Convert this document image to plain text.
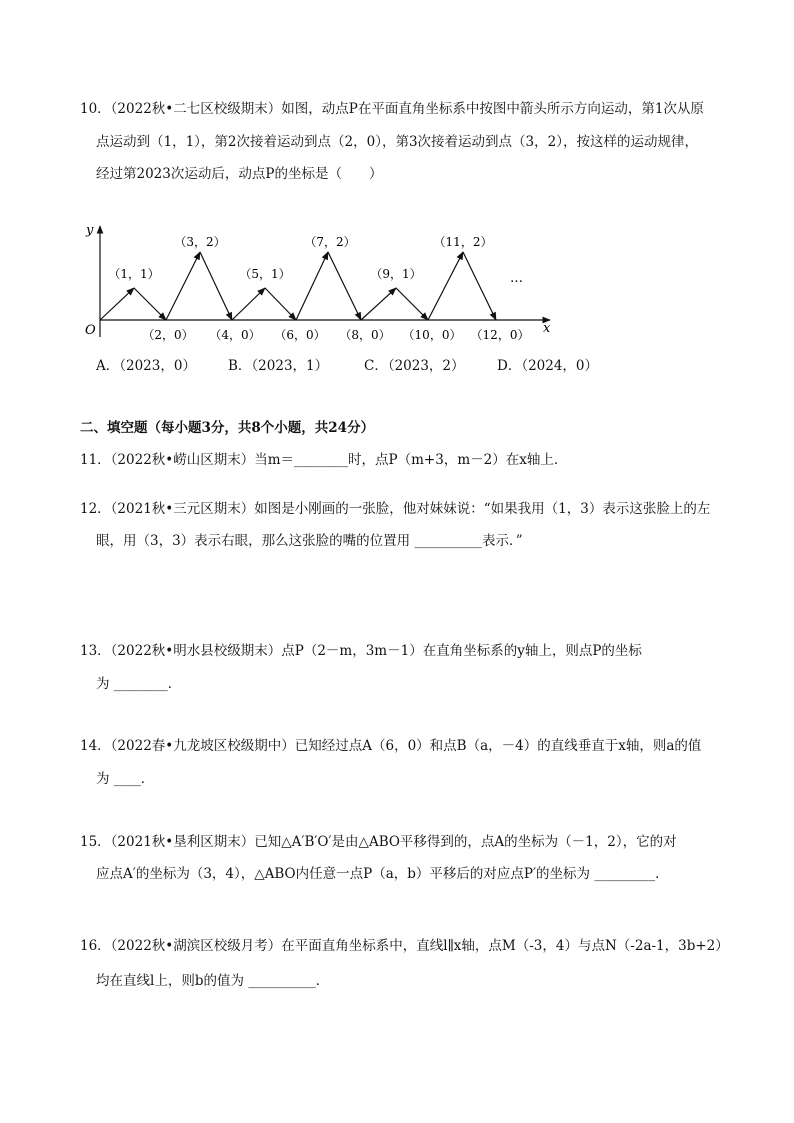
10．（2022秋•二七区校级期末）如图，动点P在平面直角坐标系中按图中箭头所示方向运动，第1次从原
点运动到（1，1），第2次接着运动到点（2，0），第3次接着运动到点（3，2），按这样的运动规律，
经过第2023次运动后，动点P的坐标是（　　）
y
x
O
…
（1，1）
（3，2）
（5，1）
（7，2）
（9，1）
（11，2）
（2，0） （4，0） （6，0） （8，0） （10，0） （12，0）
A．（2023，0） B．（2023，1）	C．（2023，2） D．（2024，0）
二、填空题（每小题3分，共8个小题，共24分）
11．（2022秋•崂山区期末）当m＝________时，点P（m+3，m－2）在x轴上．
12．（2021秋•三元区期末）如图是小刚画的一张脸，他对妹妹说：“如果我用（1，3）表示这张脸上的左
眼，用（3，3）表示右眼，那么这张脸的嘴的位置用 __________表示．”
13．（2022秋•明水县校级期末）点P（2－m，3m－1）在直角坐标系的y轴上，则点P的坐标
为 ________．
14．（2022春•九龙坡区校级期中）已知经过点A（6，0）和点B（a，－4）的直线垂直于x轴，则a的值
为 ____．
15．（2021秋•垦利区期末）已知△A′B′O′是由△ABO平移得到的，点A的坐标为（－1，2），它的对
应点A′的坐标为（3，4），△ABO内任意一点P（a，b）平移后的对应点P′的坐标为 _________．
16．（2022秋•湖滨区校级月考）在平面直角坐标系中，直线l∥x轴，点M（-3，4）与点N（-2a-1，3b+2）
均在直线l上，则b的值为 __________．
